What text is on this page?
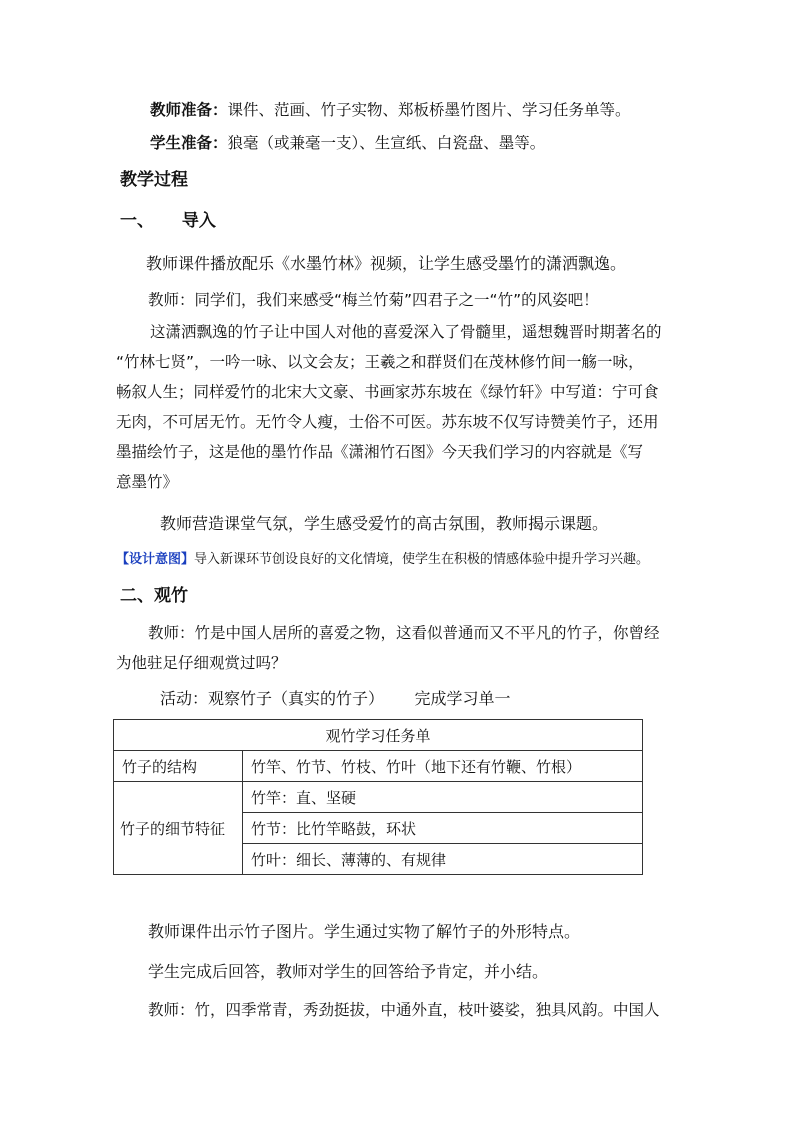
教师准备：课件、范画、竹子实物、郑板桥墨竹图片、学习任务单等。
学生准备：狼毫（或兼毫一支）、生宣纸、白瓷盘、墨等。
教学过程
一、 导入
教师课件播放配乐《水墨竹林》视频，让学生感受墨竹的潇洒飘逸。
教师：同学们，我们来感受“梅兰竹菊”四君子之一“竹”的风姿吧！
这潇洒飘逸的竹子让中国人对他的喜爱深入了骨髓里，遥想魏晋时期著名的
“竹林七贤”，一吟一咏、以文会友；王羲之和群贤们在茂林修竹间一觞一咏，
畅叙人生；同样爱竹的北宋大文豪、书画家苏东坡在《绿竹轩》中写道：宁可食
无肉，不可居无竹。无竹令人瘦，士俗不可医。苏东坡不仅写诗赞美竹子，还用
墨描绘竹子，这是他的墨竹作品《潇湘竹石图》今天我们学习的内容就是《写
意墨竹》
教师营造课堂气氛，学生感受爱竹的高古氛围，教师揭示课题。
【设计意图】导入新课环节创设良好的文化情境，使学生在积极的情感体验中提升学习兴趣。
二、观竹
教师：竹是中国人居所的喜爱之物，这看似普通而又不平凡的竹子，你曾经
为他驻足仔细观赏过吗？
活动：观察竹子（真实的竹子）      完成学习单一
观竹学习任务单	
竹子的结构	竹竿、竹节、竹枝、竹叶（地下还有竹鞭、竹根）
竹子的细节特征	竹竿：直、坚硬
	竹节：比竹竿略鼓，环状
	竹叶：细长、薄薄的、有规律
教师课件出示竹子图片。学生通过实物了解竹子的外形特点。
学生完成后回答，教师对学生的回答给予肯定，并小结。
教师：竹，四季常青，秀劲挺拔，中通外直，枝叶婆娑，独具风韵。中国人
